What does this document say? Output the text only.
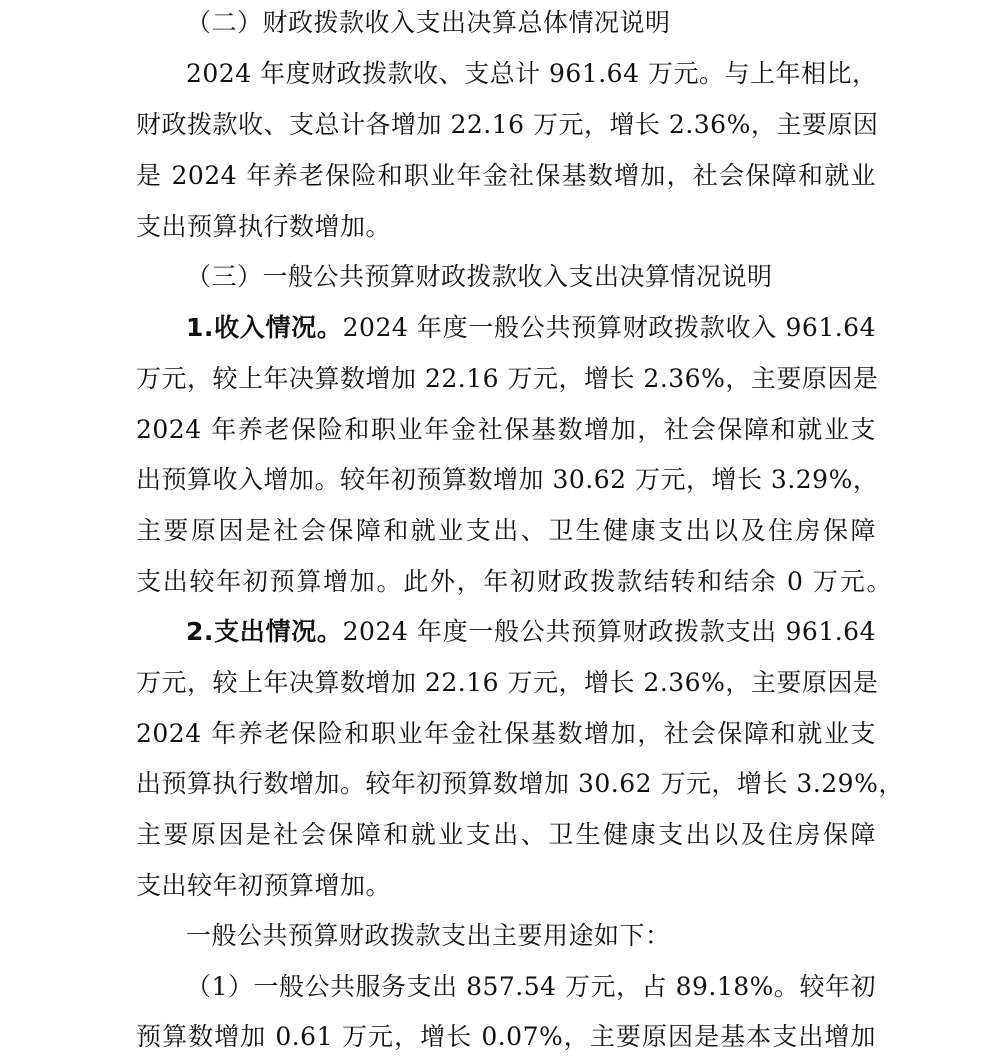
（二）财政拨款收入支出决算总体情况说明
2024 年度财政拨款收、支总计 961.64 万元。与上年相比，
财政拨款收、支总计各增加 22.16 万元，增长 2.36%，主要原因
是 2024 年养老保险和职业年金社保基数增加，社会保障和就业
支出预算执行数增加。
（三）一般公共预算财政拨款收入支出决算情况说明
1.收入情况。2024 年度一般公共预算财政拨款收入 961.64
万元，较上年决算数增加 22.16 万元，增长 2.36%，主要原因是
2024 年养老保险和职业年金社保基数增加，社会保障和就业支
出预算收入增加。较年初预算数增加 30.62 万元，增长 3.29%，
主要原因是社会保障和就业支出、卫生健康支出以及住房保障
支出较年初预算增加。此外，年初财政拨款结转和结余 0 万元。
2.支出情况。2024 年度一般公共预算财政拨款支出 961.64
万元，较上年决算数增加 22.16 万元，增长 2.36%，主要原因是
2024 年养老保险和职业年金社保基数增加，社会保障和就业支
出预算执行数增加。较年初预算数增加 30.62 万元，增长 3.29%，
主要原因是社会保障和就业支出、卫生健康支出以及住房保障
支出较年初预算增加。
一般公共预算财政拨款支出主要用途如下：
（1）一般公共服务支出 857.54 万元，占 89.18%。较年初
预算数增加 0.61 万元，增长 0.07%，主要原因是基本支出增加
